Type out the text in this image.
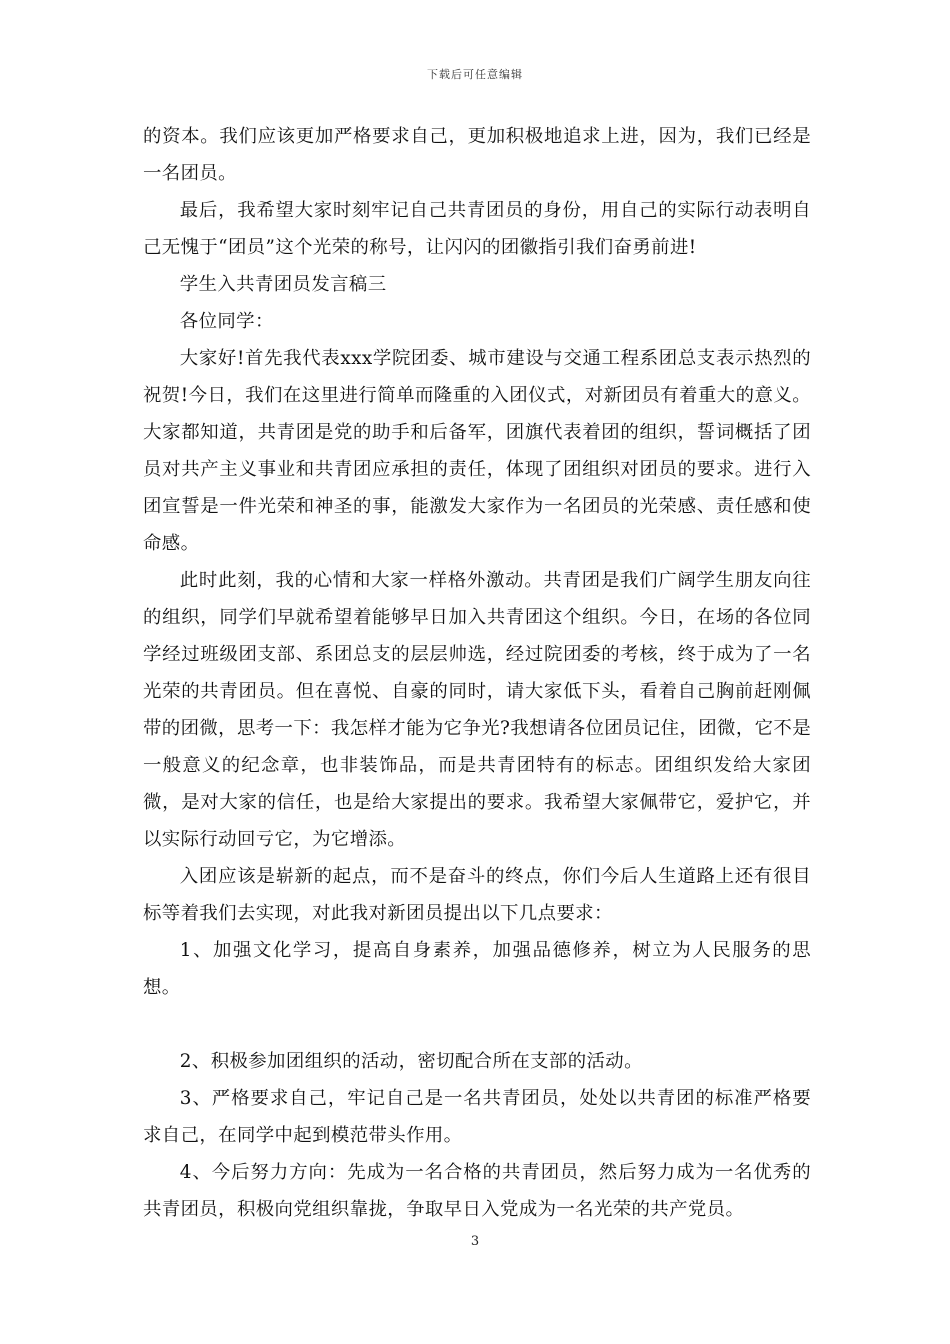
下载后可任意编辑

的资本。我们应该更加严格要求自己，更加积极地追求上进，因为，我们已经是一名团员。

最后，我希望大家时刻牢记自己共青团员的身份，用自己的实际行动表明自己无愧于“团员”这个光荣的称号，让闪闪的团徽指引我们奋勇前进!

学生入共青团员发言稿三

各位同学：

大家好!首先我代表xxx学院团委、城市建设与交通工程系团总支表示热烈的祝贺!今日，我们在这里进行简单而隆重的入团仪式，对新团员有着重大的意义。大家都知道，共青团是党的助手和后备军，团旗代表着团的组织，誓词概括了团员对共产主义事业和共青团应承担的责任，体现了团组织对团员的要求。进行入团宣誓是一件光荣和神圣的事，能激发大家作为一名团员的光荣感、责任感和使命感。

此时此刻，我的心情和大家一样格外激动。共青团是我们广阔学生朋友向往的组织，同学们早就希望着能够早日加入共青团这个组织。今日，在场的各位同学经过班级团支部、系团总支的层层帅选，经过院团委的考核，终于成为了一名光荣的共青团员。但在喜悦、自豪的同时，请大家低下头，看着自己胸前赶刚佩带的团微，思考一下：我怎样才能为它争光?我想请各位团员记住，团微，它不是一般意义的纪念章，也非装饰品，而是共青团特有的标志。团组织发给大家团微，是对大家的信任，也是给大家提出的要求。我希望大家佩带它，爱护它，并以实际行动回亏它，为它增添。

入团应该是崭新的起点，而不是奋斗的终点，你们今后人生道路上还有很目标等着我们去实现，对此我对新团员提出以下几点要求：

1、加强文化学习，提高自身素养，加强品德修养，树立为人民服务的思想。

2、积极参加团组织的活动，密切配合所在支部的活动。

3、严格要求自己，牢记自己是一名共青团员，处处以共青团的标准严格要求自己，在同学中起到模范带头作用。

4、今后努力方向：先成为一名合格的共青团员，然后努力成为一名优秀的共青团员，积极向党组织靠拢，争取早日入党成为一名光荣的共产党员。

3
